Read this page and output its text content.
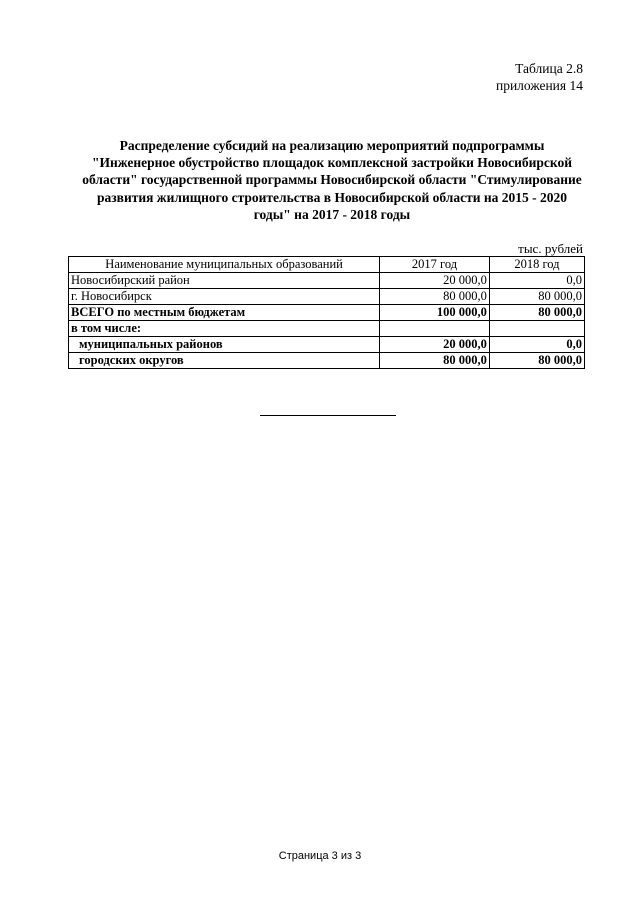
Таблица 2.8
приложения 14
Распределение субсидий на реализацию мероприятий подпрограммы "Инженерное обустройство площадок комплексной застройки Новосибирской области" государственной программы Новосибирской области "Стимулирование развития жилищного строительства в Новосибирской области на 2015 - 2020 годы" на 2017 - 2018 годы
тыс. рублей
Наименование муниципальных образований	2017 год	2018 год
Новосибирский район	20 000,0	0,0
г. Новосибирск	80 000,0	80 000,0
ВСЕГО по местным бюджетам	100 000,0	80 000,0
в том числе:		
муниципальных районов	20 000,0	0,0
городских округов	80 000,0	80 000,0
Страница 3 из 3
